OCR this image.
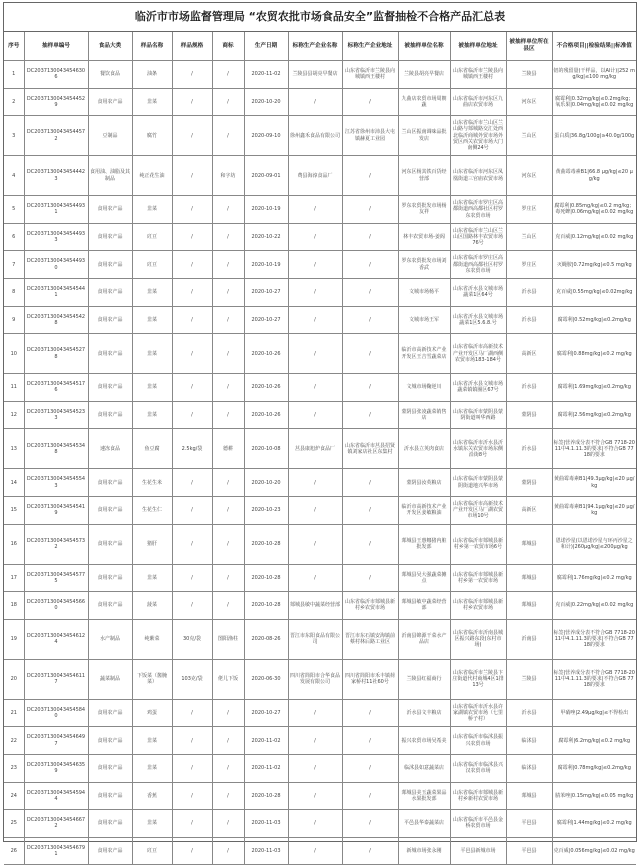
临沂市市场监督管理局 “农贸农批市场食品安全”监督抽检不合格产品汇总表
序号	抽样单编号	食品大类	样品名称	样品规格	商标	生产日期	标称生产企业名称	标称生产企业地址	被抽样单位名称	被抽样单位地址	被抽样单位所在县区	不合格项目||检验结果||标准值
1	DC20371300434546306	餐饮食品	油条	/	/	2020-11-02	兰陵县县胡亮早餐店	山东省临沂市兰陵县向城镇西王楼村	兰陵县胡亮早餐店	山东省临沂市兰陵县向城镇西王楼村	兰陵县	铝的残留量(干样品，以Al计)|252 mg/kg|≤100 mg/kg
2	DC20371300434544529	食用农产品	韭菜	/	/	2020-10-20	/	/	九曲店农贸市场周朝蔬	山东省临沂市河东区九曲店农贸市场	河东区	腐霉利|0.32mg/kg|≤0.2mg/kg；氧乐果|0.04mg/kg|≤0.02 mg/kg
3	DC20371300434544572	豆制品	腐竹	/	/	2020-09-10	徐州鑫禾食品有限公司	江苏省徐州市沛县大屯镇赫夏工业园	兰山区振南调味品批发店	山东省临沂市兰山区兰山路与郯城路交汇处西北临沂商城外贸市场外贸区西关农贸市场大门南侧24号	兰山区	蛋白质|36.8g/100g|≥40.0g/100g
4	DC20371300434544423	食用油、油脂及其制品	纯正花生油	/	和字坊	2020-09-01	费县海淳食品厂	/	河东区杨其铁百货经营部	山东省临沂市河东区凤凰街道三官庙农贸市场	河东区	黄曲霉毒素B1|66.8 μg/kg|≤20 μg/kg
5	DC20371300434544931	食用农产品	韭菜	/	/	2020-10-19	/	/	罗东农贸批发市场杨友祥	山东省临沂市罗庄区高都街道西高都社区村罗东农贸市场	罗庄区	腐霉利|0.85mg/kg|≤0.2 mg/kg；毒死蜱|0.06mg/kg|≤0.02 mg/kg
6	DC20371300434544933	食用农产品	豇豆	/	/	2020-10-22	/	/	林丰农贸市场-姜阁	山东省临沂市兰山区兰山区国路林丰农贸市场76号	兰山区	克百威|0.12mg/kg|≤0.02 mg/kg
7	DC20371300434544930	食用农产品	豇豆	/	/	2020-10-19	/	/	罗东农贸批发市场刘香武	山东省临沂市罗庄区高都街道西高都社区村罗东农贸市场	罗庄区	灭蝇胺|0.72mg/kg|≤0.5 mg/kg
8	DC20371300434545441	食用农产品	韭菜	/	/	2020-10-27	/	/	文城市场杨平	山东省沂水县文城市场蔬菜1区64号	沂水县	克百威|0.55mg/kg|≤0.02mg/kg
9	DC20371300434545428	食用农产品	韭菜	/	/	2020-10-27	/	/	文城市场王军	山东省沂水县文城市场蔬菜1区5.6.8.号	沂水县	腐霉利|0.52mg/kg|≤0.2mg/kg
10	DC20371300434545278	食用农产品	韭菜	/	/	2020-10-26	/	/	临沂市高新技术产业开发区王吉雪蔬菜店	山东省临沂市高新技术产业开发区马厂湖西侧农贸市场183-184号	高新区	腐霉利|0.88mg/kg|≤0.2 mg/kg
11	DC20371300434545176	食用农产品	韭菜	/	/	2020-10-26	/	/	文城市场鞠逆川	山东省沂水县文城市场蔬菜镇镇圈区67号	沂水县	腐霉利|1.69mg/kg|≤0.2mg/kg
12	DC20371300434545233	食用农产品	韭菜	/	/	2020-10-26	/	/	蒙阴县张凌蔬菜销售店	山东省临沂市蒙阴县蒙阴街道叫华西路	蒙阴县	腐霉利|2.56mg/kg|≤0.2mg/kg
13	DC20371300434545348	速冻食品	鱼豆腐	2.5kg/袋	德耕	2020-10-08	莒县康旭炉食品厂	山东省临沂市莒县招贤镇刘家店社区东集村	沂水县立英肉食店	山东省临沂市沂水县沂水镇东关农贸市场东侧沿街8号	沂水县	标签|营养成分表不符合GB 7718-2011中4.1.11.3的要求|不符合GB 7718的要求
14	DC20371300434545543	食用农产品	生花生米	/	/	2020-10-20	/	/	蒙阴县汝英粮店	山东省临沂市蒙阴县蒙阴街道地兴华市场	蒙阴县	黄曲霉毒素B1|49.3μg/kg|≤20 μg/kg
15	DC20371300434545419	食用农产品	生花生仁	/	/	2020-10-23	/	/	临沂市高新技术产业开发区姜敏粮油	山东省临沂市高新技术产业开发区马厂湖农贸市场10号	高新区	黄曲霉毒素B1|94.1μg/kg|≤20 μg/kg
16	DC20371300434545732	食用农产品	猪肝	/	/	2020-10-28	/	/	郯城县王惠娜猪内脏批发部	山东省临沂市郯城县新村乡第一农贸市场6号	郯城县	恩诺沙星(以恩诺沙星与环丙沙星之和计)|260μg/kg|≤200μg/kg
17	DC20371300434545775	食用农产品	韭菜	/	/	2020-10-28	/	/	郯城县吴大强蔬菜摊点	山东省临沂市郯城县新村乡第一农贸市场	郯城县	腐霉利|1.76mg/kg|≤0.2 mg/kg
18	DC20371300434545660	食用农产品	菠菜	/	/	2020-10-28	郯城县敏中蔬菜经营部	山东省临沂市郯城县新村乡农贸市场	郯城县敏中蔬菜经营部	山东省临沂市郯城县新村乡农贸市场	郯城县	克百威|0.22mg/kg|≤0.02 mg/kg
19	DC20371300434546124	水产制品	纯紫菜	30克/袋	图阳渔柱	2020-08-26	晋江市东阳食品有限公司	晋江市东石镇安海镇前蔡村林后路工业区	沂南县锦源干菜水产品店	山东省临沂市沂南县城区振兴路东段(东村市场)	沂南县	标签|营养成分表不符合GB 7718-2011中4.1.11.3的要求|不符合GB 7718的要求
20	DC20371300434546117	蔬菜制品	下饭菜（酱腌菜）	103克/袋	佬儿下饭	2020-06-30	四川省简阳市合华食品发展有限公司	四川省简阳市禾丰镇荷家桥村11社60号	兰陵县红福商行	山东省临沂市兰陵县卞庄街道代村商城4区1排13号	兰陵县	标签|营养成分表不符合GB 7718-2011中4.1.11.3的要求|不符合GB 7718的要求
21	DC20371300434545840	食用农产品	鸡蛋	/	/	2020-10-27	/	/	沂水县文丰粮店	山东省临沂市沂水县许家湖镇农贸市场（七里桥子村）	沂水县	甲硝唑|2.49μg/kg|≤不得检出
22	DC20371300434546497	食用农产品	韭菜	/	/	2020-11-02	/	/	振兴农贸市场吴希美	山东省临沂市临沭县振兴农贸市场	临沭县	腐霉利|6.2mg/kg|≤0.2 mg/kg
23	DC20371300434546359	食用农产品	韭菜	/	/	2020-11-02	/	/	临沭县如意蔬菜店	山东省临沂市临沭县兴汉农贸市场	临沭县	腐霉利|0.78mg/kg|≤0.2mg/kg
24	DC20371300434545944	食用农产品	香蕉	/	/	2020-10-28	/	/	郯城县美玉蔬菜果品水果批发部	山东省临沂市郯城县新村乡新村农贸市场	郯城县	腈苯唑|0.15mg/kg|≤0.05 mg/kg
25	DC20371300434546672	食用农产品	韭菜	/	/	2020-11-03	/	/	平邑县华泰蔬菜店	山东省临沂市平邑县金桥农贸市场	平邑县	腐霉利|1.44mg/kg|≤0.2 mg/kg
26	DC20371300434546791	食用农产品	豇豆	/	/	2020-11-03	/	/	新城市场张永刚	平邑县新城市场	平邑县	克百威|0.056mg/kg|≤0.02 mg/kg
